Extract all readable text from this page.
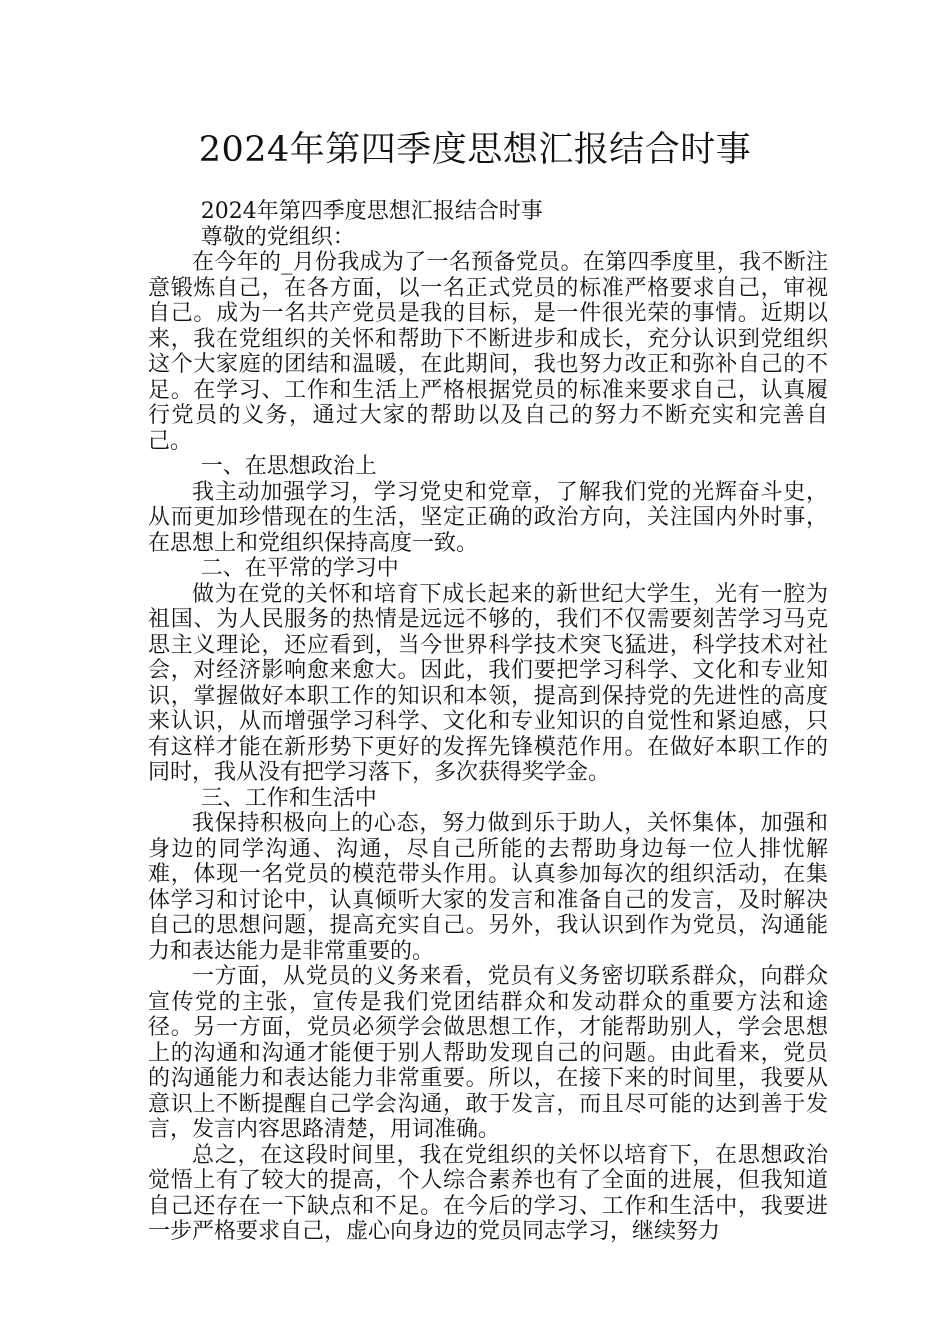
2024年第四季度思想汇报结合时事

2024年第四季度思想汇报结合时事

尊敬的党组织：

在今年的_月份我成为了一名预备党员。在第四季度里，我不断注意锻炼自己，在各方面，以一名正式党员的标准严格要求自己，审视自己。成为一名共产党员是我的目标，是一件很光荣的事情。近期以来，我在党组织的关怀和帮助下不断进步和成长，充分认识到党组织这个大家庭的团结和温暖，在此期间，我也努力改正和弥补自己的不足。在学习、工作和生活上严格根据党员的标准来要求自己，认真履行党员的义务，通过大家的帮助以及自己的努力不断充实和完善自己。

一、在思想政治上

我主动加强学习，学习党史和党章，了解我们党的光辉奋斗史，从而更加珍惜现在的生活，坚定正确的政治方向，关注国内外时事，在思想上和党组织保持高度一致。

二、在平常的学习中

做为在党的关怀和培育下成长起来的新世纪大学生，光有一腔为祖国、为人民服务的热情是远远不够的，我们不仅需要刻苦学习马克思主义理论，还应看到，当今世界科学技术突飞猛进，科学技术对社会，对经济影响愈来愈大。因此，我们要把学习科学、文化和专业知识，掌握做好本职工作的知识和本领，提高到保持党的先进性的高度来认识，从而增强学习科学、文化和专业知识的自觉性和紧迫感，只有这样才能在新形势下更好的发挥先锋模范作用。在做好本职工作的同时，我从没有把学习落下，多次获得奖学金。

三、工作和生活中

我保持积极向上的心态，努力做到乐于助人，关怀集体，加强和身边的同学沟通、沟通，尽自己所能的去帮助身边每一位人排忧解难，体现一名党员的模范带头作用。认真参加每次的组织活动，在集体学习和讨论中，认真倾听大家的发言和准备自己的发言，及时解决自己的思想问题，提高充实自己。另外，我认识到作为党员，沟通能力和表达能力是非常重要的。

一方面，从党员的义务来看，党员有义务密切联系群众，向群众宣传党的主张，宣传是我们党团结群众和发动群众的重要方法和途径。另一方面，党员必须学会做思想工作，才能帮助别人，学会思想上的沟通和沟通才能便于别人帮助发现自己的问题。由此看来，党员的沟通能力和表达能力非常重要。所以，在接下来的时间里，我要从意识上不断提醒自己学会沟通，敢于发言，而且尽可能的达到善于发言，发言内容思路清楚，用词准确。

总之，在这段时间里，我在党组织的关怀以培育下，在思想政治觉悟上有了较大的提高，个人综合素养也有了全面的进展，但我知道自己还存在一下缺点和不足。在今后的学习、工作和生活中，我要进一步严格要求自己，虚心向身边的党员同志学习，继续努力
